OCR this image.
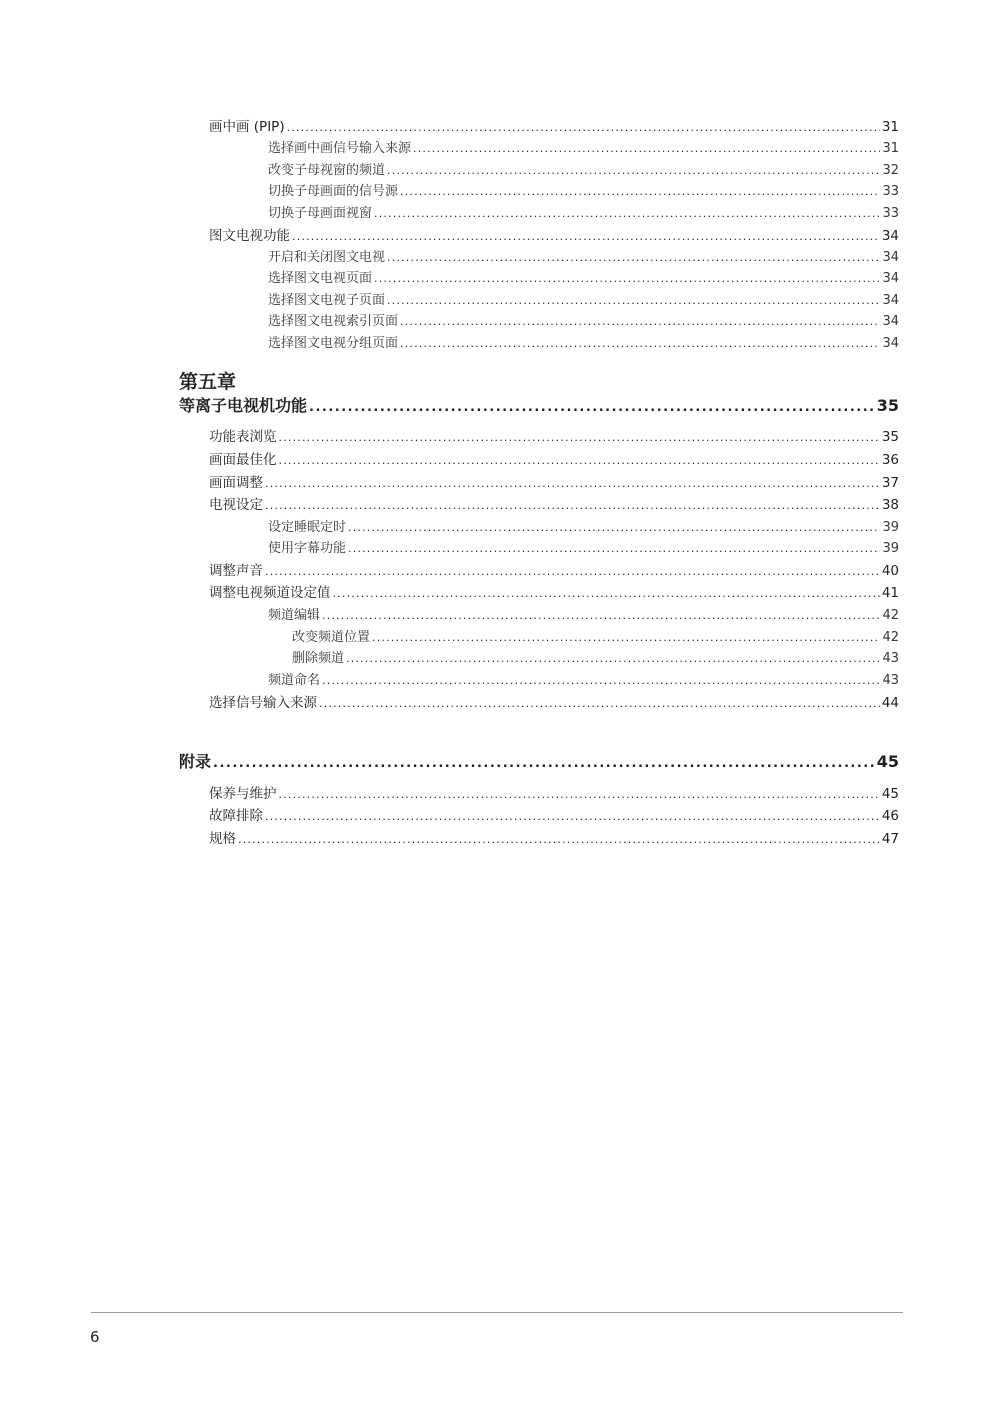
画中画 (PIP) .....	31
选择画中画信号输入来源 .....	31
改变子母视窗的频道 .....	32
切换子母画面的信号源 .....	33
切换子母画面视窗 .....	33
图文电视功能 .....	34
开启和关闭图文电视 .....	34
选择图文电视页面 .....	34
选择图文电视子页面 .....	34
选择图文电视索引页面 .....	34
选择图文电视分组页面 .....	34
第五章
等离子电视机功能 .....	35
功能表浏览 .....	35
画面最佳化 .....	36
画面调整 .....	37
电视设定 .....	38
设定睡眠定时 .....	39
使用字幕功能 .....	39
调整声音 .....	40
调整电视频道设定值 .....	41
频道编辑 .....	42
改变频道位置 .....	42
删除频道 .....	43
频道命名 .....	43
选择信号输入来源 .....	44
附录 .....	45
保养与维护 .....	45
故障排除 .....	46
规格 .....	47
6
